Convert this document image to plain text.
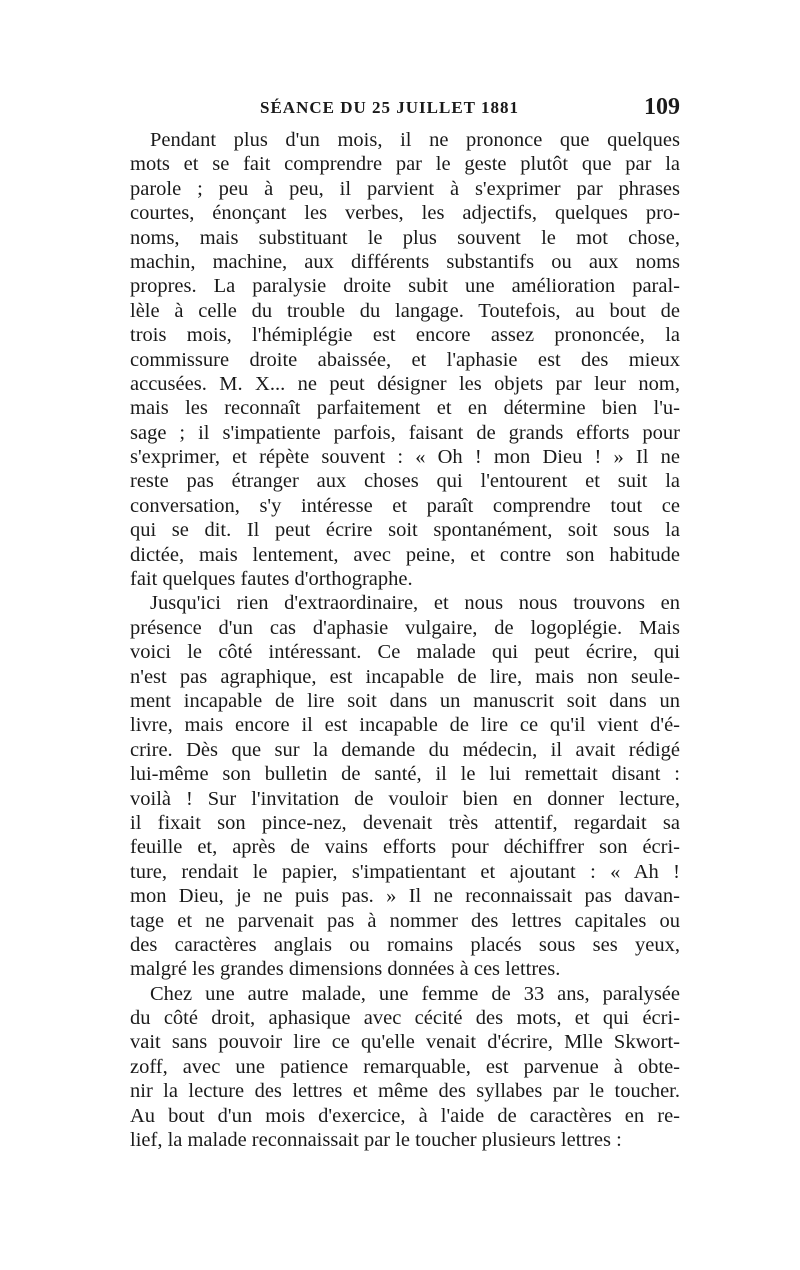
SÉANCE DU 25 JUILLET 1881	109
Pendant plus d'un mois, il ne prononce que quelques
mots et se fait comprendre par le geste plutôt que par la
parole ; peu à peu, il parvient à s'exprimer par phrases
courtes, énonçant les verbes, les adjectifs, quelques pro-
noms, mais substituant le plus souvent le mot chose,
machin, machine, aux différents substantifs ou aux noms
propres. La paralysie droite subit une amélioration paral-
lèle à celle du trouble du langage. Toutefois, au bout de
trois mois, l'hémiplégie est encore assez prononcée, la
commissure droite abaissée, et l'aphasie est des mieux
accusées. M. X... ne peut désigner les objets par leur nom,
mais les reconnaît parfaitement et en détermine bien l'u-
sage ; il s'impatiente parfois, faisant de grands efforts pour
s'exprimer, et répète souvent : « Oh ! mon Dieu ! » Il ne
reste pas étranger aux choses qui l'entourent et suit la
conversation, s'y intéresse et paraît comprendre tout ce
qui se dit. Il peut écrire soit spontanément, soit sous la
dictée, mais lentement, avec peine, et contre son habitude
fait quelques fautes d'orthographe.
Jusqu'ici rien d'extraordinaire, et nous nous trouvons en
présence d'un cas d'aphasie vulgaire, de logoplégie. Mais
voici le côté intéressant. Ce malade qui peut écrire, qui
n'est pas agraphique, est incapable de lire, mais non seule-
ment incapable de lire soit dans un manuscrit soit dans un
livre, mais encore il est incapable de lire ce qu'il vient d'é-
crire. Dès que sur la demande du médecin, il avait rédigé
lui-même son bulletin de santé, il le lui remettait disant :
voilà ! Sur l'invitation de vouloir bien en donner lecture,
il fixait son pince-nez, devenait très attentif, regardait sa
feuille et, après de vains efforts pour déchiffrer son écri-
ture, rendait le papier, s'impatientant et ajoutant : « Ah !
mon Dieu, je ne puis pas. » Il ne reconnaissait pas davan-
tage et ne parvenait pas à nommer des lettres capitales ou
des caractères anglais ou romains placés sous ses yeux,
malgré les grandes dimensions données à ces lettres.
Chez une autre malade, une femme de 33 ans, paralysée
du côté droit, aphasique avec cécité des mots, et qui écri-
vait sans pouvoir lire ce qu'elle venait d'écrire, Mlle Skwort-
zoff, avec une patience remarquable, est parvenue à obte-
nir la lecture des lettres et même des syllabes par le toucher.
Au bout d'un mois d'exercice, à l'aide de caractères en re-
lief, la malade reconnaissait par le toucher plusieurs lettres :
